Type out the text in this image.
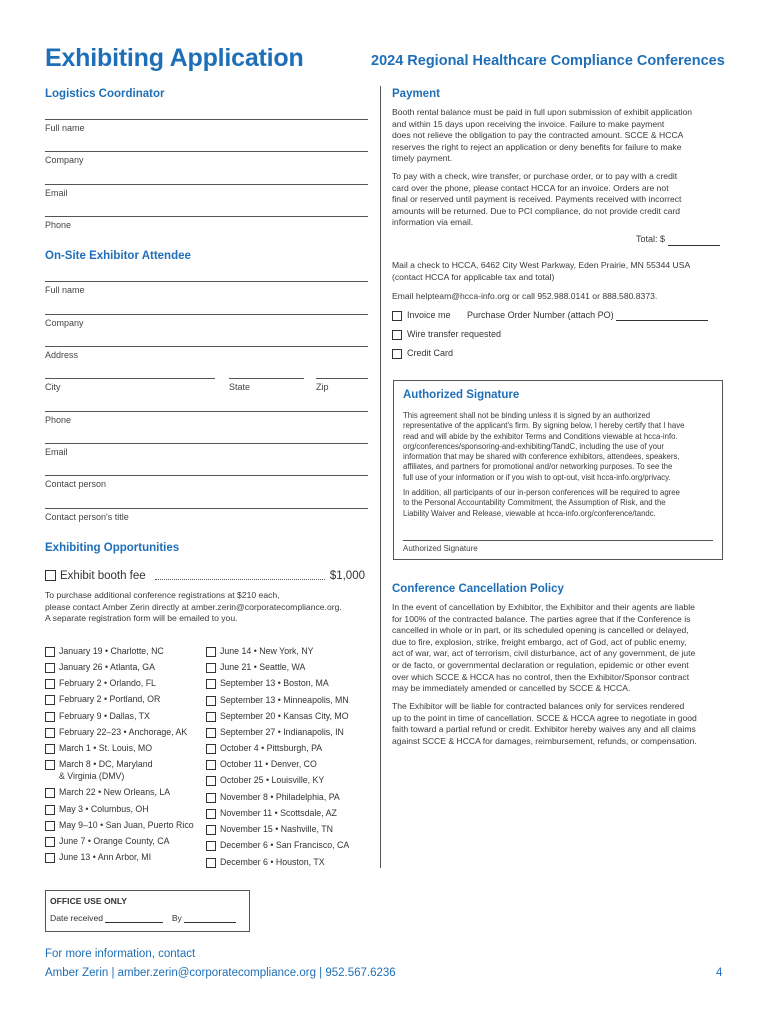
Exhibiting Application	2024 Regional Healthcare Compliance Conferences
Logistics Coordinator
Full name
Company
Email
Phone
On-Site Exhibitor Attendee
Full name
Company
Address
City	State	Zip
Phone
Email
Contact person
Contact person's title
Exhibiting Opportunities
Exhibit booth fee	$1,000
To purchase additional conference registrations at $210 each,
please contact Amber Zerin directly at amber.zerin@corporatecompliance.org.
A separate registration form will be emailed to you.
January 19 • Charlotte, NC
January 26 • Atlanta, GA
February 2 • Orlando, FL
February 2 • Portland, OR
February 9 • Dallas, TX
February 22–23 • Anchorage, AK
March 1 • St. Louis, MO
March 8 • DC, Maryland
& Virginia (DMV)
March 22 • New Orleans, LA
May 3 • Columbus, OH
May 9–10 • San Juan, Puerto Rico
June 7 • Orange County, CA
June 13 • Ann Arbor, MI
June 14 • New York, NY
June 21 • Seattle, WA
September 13 • Boston, MA
September 13 • Minneapolis, MN
September 20 • Kansas City, MO
September 27 • Indianapolis, IN
October 4 • Pittsburgh, PA
October 11 • Denver, CO
October 25 • Louisville, KY
November 8 • Philadelphia, PA
November 11 • Scottsdale, AZ
November 15 • Nashville, TN
December 6 • San Francisco, CA
December 6 • Houston, TX
Payment
Booth rental balance must be paid in full upon submission of exhibit application
and within 15 days upon receiving the invoice. Failure to make payment
does not relieve the obligation to pay the contracted amount. SCCE & HCCA
reserves the right to reject an application or deny benefits for failure to make
timely payment.
To pay with a check, wire transfer, or purchase order, or to pay with a credit
card over the phone, please contact HCCA for an invoice. Orders are not
final or reserved until payment is received. Payments received with incorrect
amounts will be returned. Due to PCI compliance, do not provide credit card
information via email.
Total: $
Mail a check to HCCA, 6462 City West Parkway, Eden Prairie, MN 55344 USA
(contact HCCA for applicable tax and total)
Email helpteam@hcca-info.org or call 952.988.0141 or 888.580.8373.
Invoice me Purchase Order Number (attach PO)
Wire transfer requested
Credit Card
Authorized Signature
This agreement shall not be binding unless it is signed by an authorized
representative of the applicant's firm. By signing below, I hereby certify that I have
read and will abide by the exhibitor Terms and Conditions viewable at hcca-info.
org/conferences/sponsoring-and-exhibiting/TandC, including the use of your
information that may be shared with conference exhibitors, attendees, speakers,
affiliates, and partners for promotional and/or networking purposes. To see the
full use of your information or if you wish to opt-out, visit hcca-info.org/privacy.
In addition, all participants of our in-person conferences will be required to agree
to the Personal Accountability Commitment, the Assumption of Risk, and the
Liability Waiver and Release, viewable at hcca-info.org/conference/tandc.
Authorized Signature
Conference Cancellation Policy
In the event of cancellation by Exhibitor, the Exhibitor and their agents are liable
for 100% of the contracted balance. The parties agree that if the Conference is
cancelled in whole or in part, or its scheduled opening is cancelled or delayed,
due to fire, explosion, strike, freight embargo, act of God, act of public enemy,
act of war, war, act of terrorism, civil disturbance, act of any government, de jute
or de facto, or governmental declaration or regulation, epidemic or other event
over which SCCE & HCCA has no control, then the Exhibitor/Sponsor contract
may be immediately amended or cancelled by SCCE & HCCA.
The Exhibitor will be liable for contracted balances only for services rendered
up to the point in time of cancellation. SCCE & HCCA agree to negotiate in good
faith toward a partial refund or credit. Exhibitor hereby waives any and all claims
against SCCE & HCCA for damages, reimbursement, refunds, or compensation.
OFFICE USE ONLY
Date received	By
For more information, contact
Amber Zerin | amber.zerin@corporatecompliance.org | 952.567.6236	4
